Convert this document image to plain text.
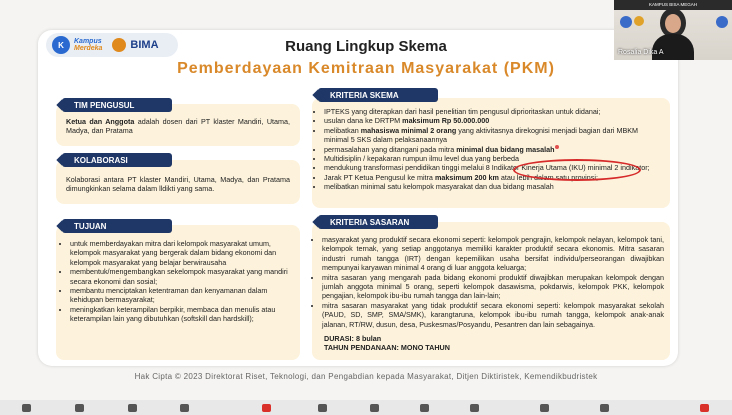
K	Kampus
Merdeka	BIMA	Ruang Lingkup Skema
Pemberdayaan Kemitraan Masyarakat (PKM)

Ketua dan Anggota adalah dosen dari PT klaster Mandiri, Utama, Madya, dan Pratama

TIM PENGUSUL

Kolaborasi antara PT klaster Mandiri, Utama, Madya, dan Pratama dimungkinkan selama dalam lldikti yang sama.

KOLABORASI
• untuk memberdayakan mitra dari kelompok masyarakat umum, kelompok masyarakat yang bergerak dalam bidang ekonomi dan kelompok masyarakat yang belajar berwirausaha
• membentuk/mengembangkan sekelompok masyarakat yang mandiri secara ekonomi dan sosial;
• membantu menciptakan ketentraman dan kenyamanan dalam kehidupan bermasyarakat;
• meningkatkan keterampilan berpikir, membaca dan menulis atau keterampilan lain yang dibutuhkan (softskill dan hardskill);
TUJUAN
• IPTEKS yang diterapkan dari hasil penelitian tim pengusul diprioritaskan untuk didanai;
• usulan dana ke DRTPM maksimum Rp 50.000.000
• melibatkan mahasiswa minimal 2 orang yang aktivitasnya direkognisi menjadi bagian dari MBKM minimal 5 SKS dalam pelaksanaannya
• permasalahan yang ditangani pada mitra minimal dua bidang masalah
• Multidisiplin / kepakaran rumpun ilmu level dua yang berbeda
• mendukung transformasi pendidikan tinggi melalui 8 Indikator Kinerja Utama (IKU) minimal 2 indikator;
• Jarak PT Ketua Pengusul ke mitra maksimum 200 km atau lebih dalam satu provinsi;
• melibatkan minimal satu kelompok masyarakat dan dua bidang masalah
KRITERIA SKEMA
• masyarakat yang produktif secara ekonomi seperti: kelompok pengrajin, kelompok nelayan, kelompok tani, kelompok ternak, yang setiap anggotanya memiliki karakter produktif secara ekonomis. Mitra sasaran industri rumah tangga (IRT) dengan kepemilikan usaha bersifat individu/perseorangan diwajibkan mempunyai karyawan minimal 4 orang di luar anggota keluarga;
• mitra sasaran yang mengarah pada bidang ekonomi produktif diwajibkan merupakan kelompok dengan jumlah anggota minimal 5 orang, seperti kelompok dasawisma, pokdarwis, kelompok PKK, kelompok pengajian, kelompok ibu-ibu rumah tangga dan lain-lain;
• mitra sasaran masyarakat yang tidak produktif secara ekonomi seperti: kelompok masyarakat sekolah (PAUD, SD, SMP, SMA/SMK), karangtaruna, kelompok ibu-ibu rumah tangga, kelompok anak-anak jalanan, RT/RW, dusun, desa, Puskesmas/Posyandu, Pesantren dan lain sebagainya.
DURASI: 8 bulan
TAHUN PENDANAAN: MONO TAHUN
KRITERIA SASARAN
Hak Cipta © 2023 Direktorat Riset, Teknologi, dan Pengabdian kepada Masyarakat, Ditjen Diktiristek, Kemendikbudristek
KAMPUS BISA MEGAH
Rosalia Dika A
